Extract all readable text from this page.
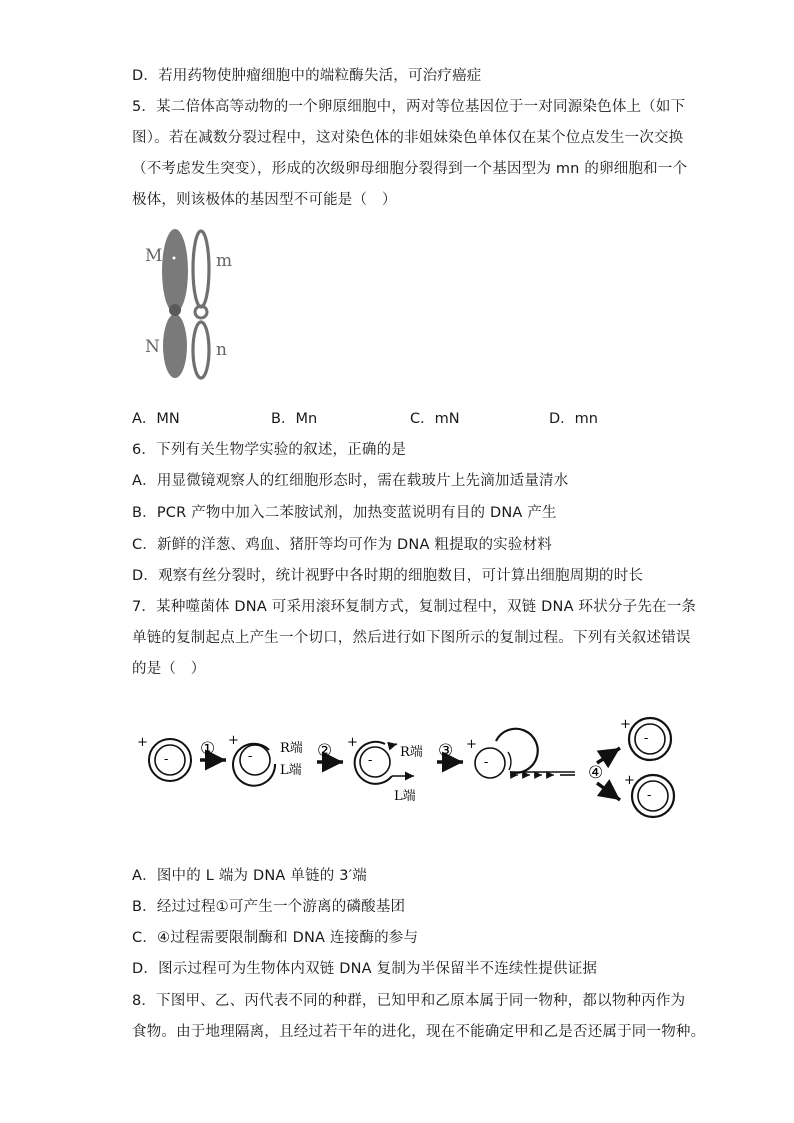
D．若用药物使肿瘤细胞中的端粒酶失活，可治疗癌症
5．某二倍体高等动物的一个卵原细胞中，两对等位基因位于一对同源染色体上（如下
图）。若在减数分裂过程中，这对染色体的非姐妹染色单体仅在某个位点发生一次交换
（不考虑发生突变），形成的次级卵母细胞分裂得到一个基因型为 mn 的卵细胞和一个
极体，则该极体的基因型不可能是（　）
M	m
N	n
A．MN	B．Mn	C．mN	D．mn
6．下列有关生物学实验的叙述，正确的是
A．用显微镜观察人的红细胞形态时，需在载玻片上先滴加适量清水
B．PCR 产物中加入二苯胺试剂，加热变蓝说明有目的 DNA 产生
C．新鲜的洋葱、鸡血、猪肝等均可作为 DNA 粗提取的实验材料
D．观察有丝分裂时，统计视野中各时期的细胞数目，可计算出细胞周期的时长
7．某种噬菌体 DNA 可采用滚环复制方式，复制过程中，双链 DNA 环状分子先在一条
单链的复制起点上产生一个切口，然后进行如下图所示的复制过程。下列有关叙述错误
的是（　）
+
-
① +
-
R端
L端
② +
-
R端
L端
③ +
-
④
+
-
+
-
A．图中的 L 端为 DNA 单链的 3′端
B．经过过程①可产生一个游离的磷酸基团
C．④过程需要限制酶和 DNA 连接酶的参与
D．图示过程可为生物体内双链 DNA 复制为半保留半不连续性提供证据
8．下图甲、乙、丙代表不同的种群，已知甲和乙原本属于同一物种，都以物种丙作为
食物。由于地理隔离，且经过若干年的进化，现在不能确定甲和乙是否还属于同一物种。
